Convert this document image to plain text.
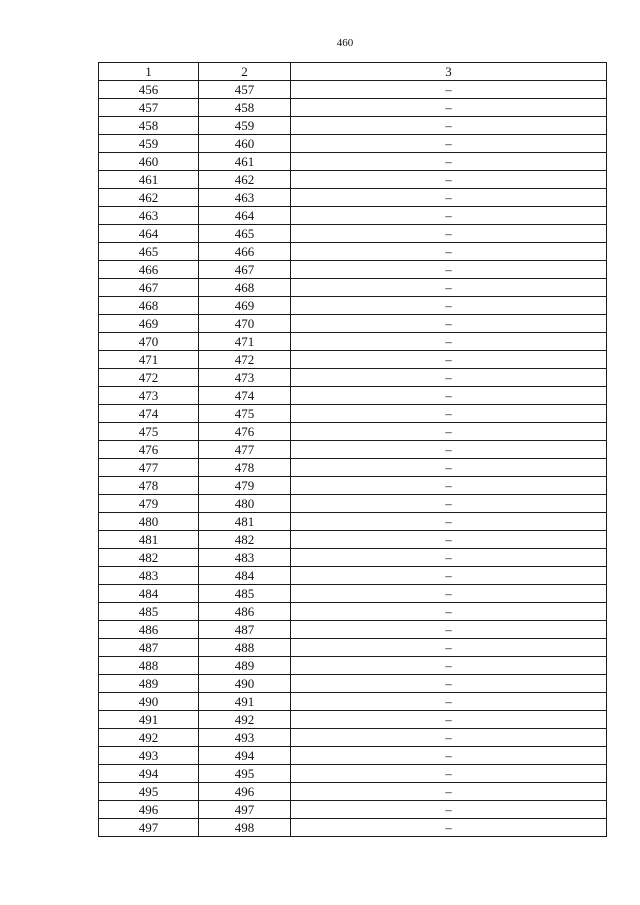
460
1	2	3
456	457	–
457	458	–
458	459	–
459	460	–
460	461	–
461	462	–
462	463	–
463	464	–
464	465	–
465	466	–
466	467	–
467	468	–
468	469	–
469	470	–
470	471	–
471	472	–
472	473	–
473	474	–
474	475	–
475	476	–
476	477	–
477	478	–
478	479	–
479	480	–
480	481	–
481	482	–
482	483	–
483	484	–
484	485	–
485	486	–
486	487	–
487	488	–
488	489	–
489	490	–
490	491	–
491	492	–
492	493	–
493	494	–
494	495	–
495	496	–
496	497	–
497	498	–
